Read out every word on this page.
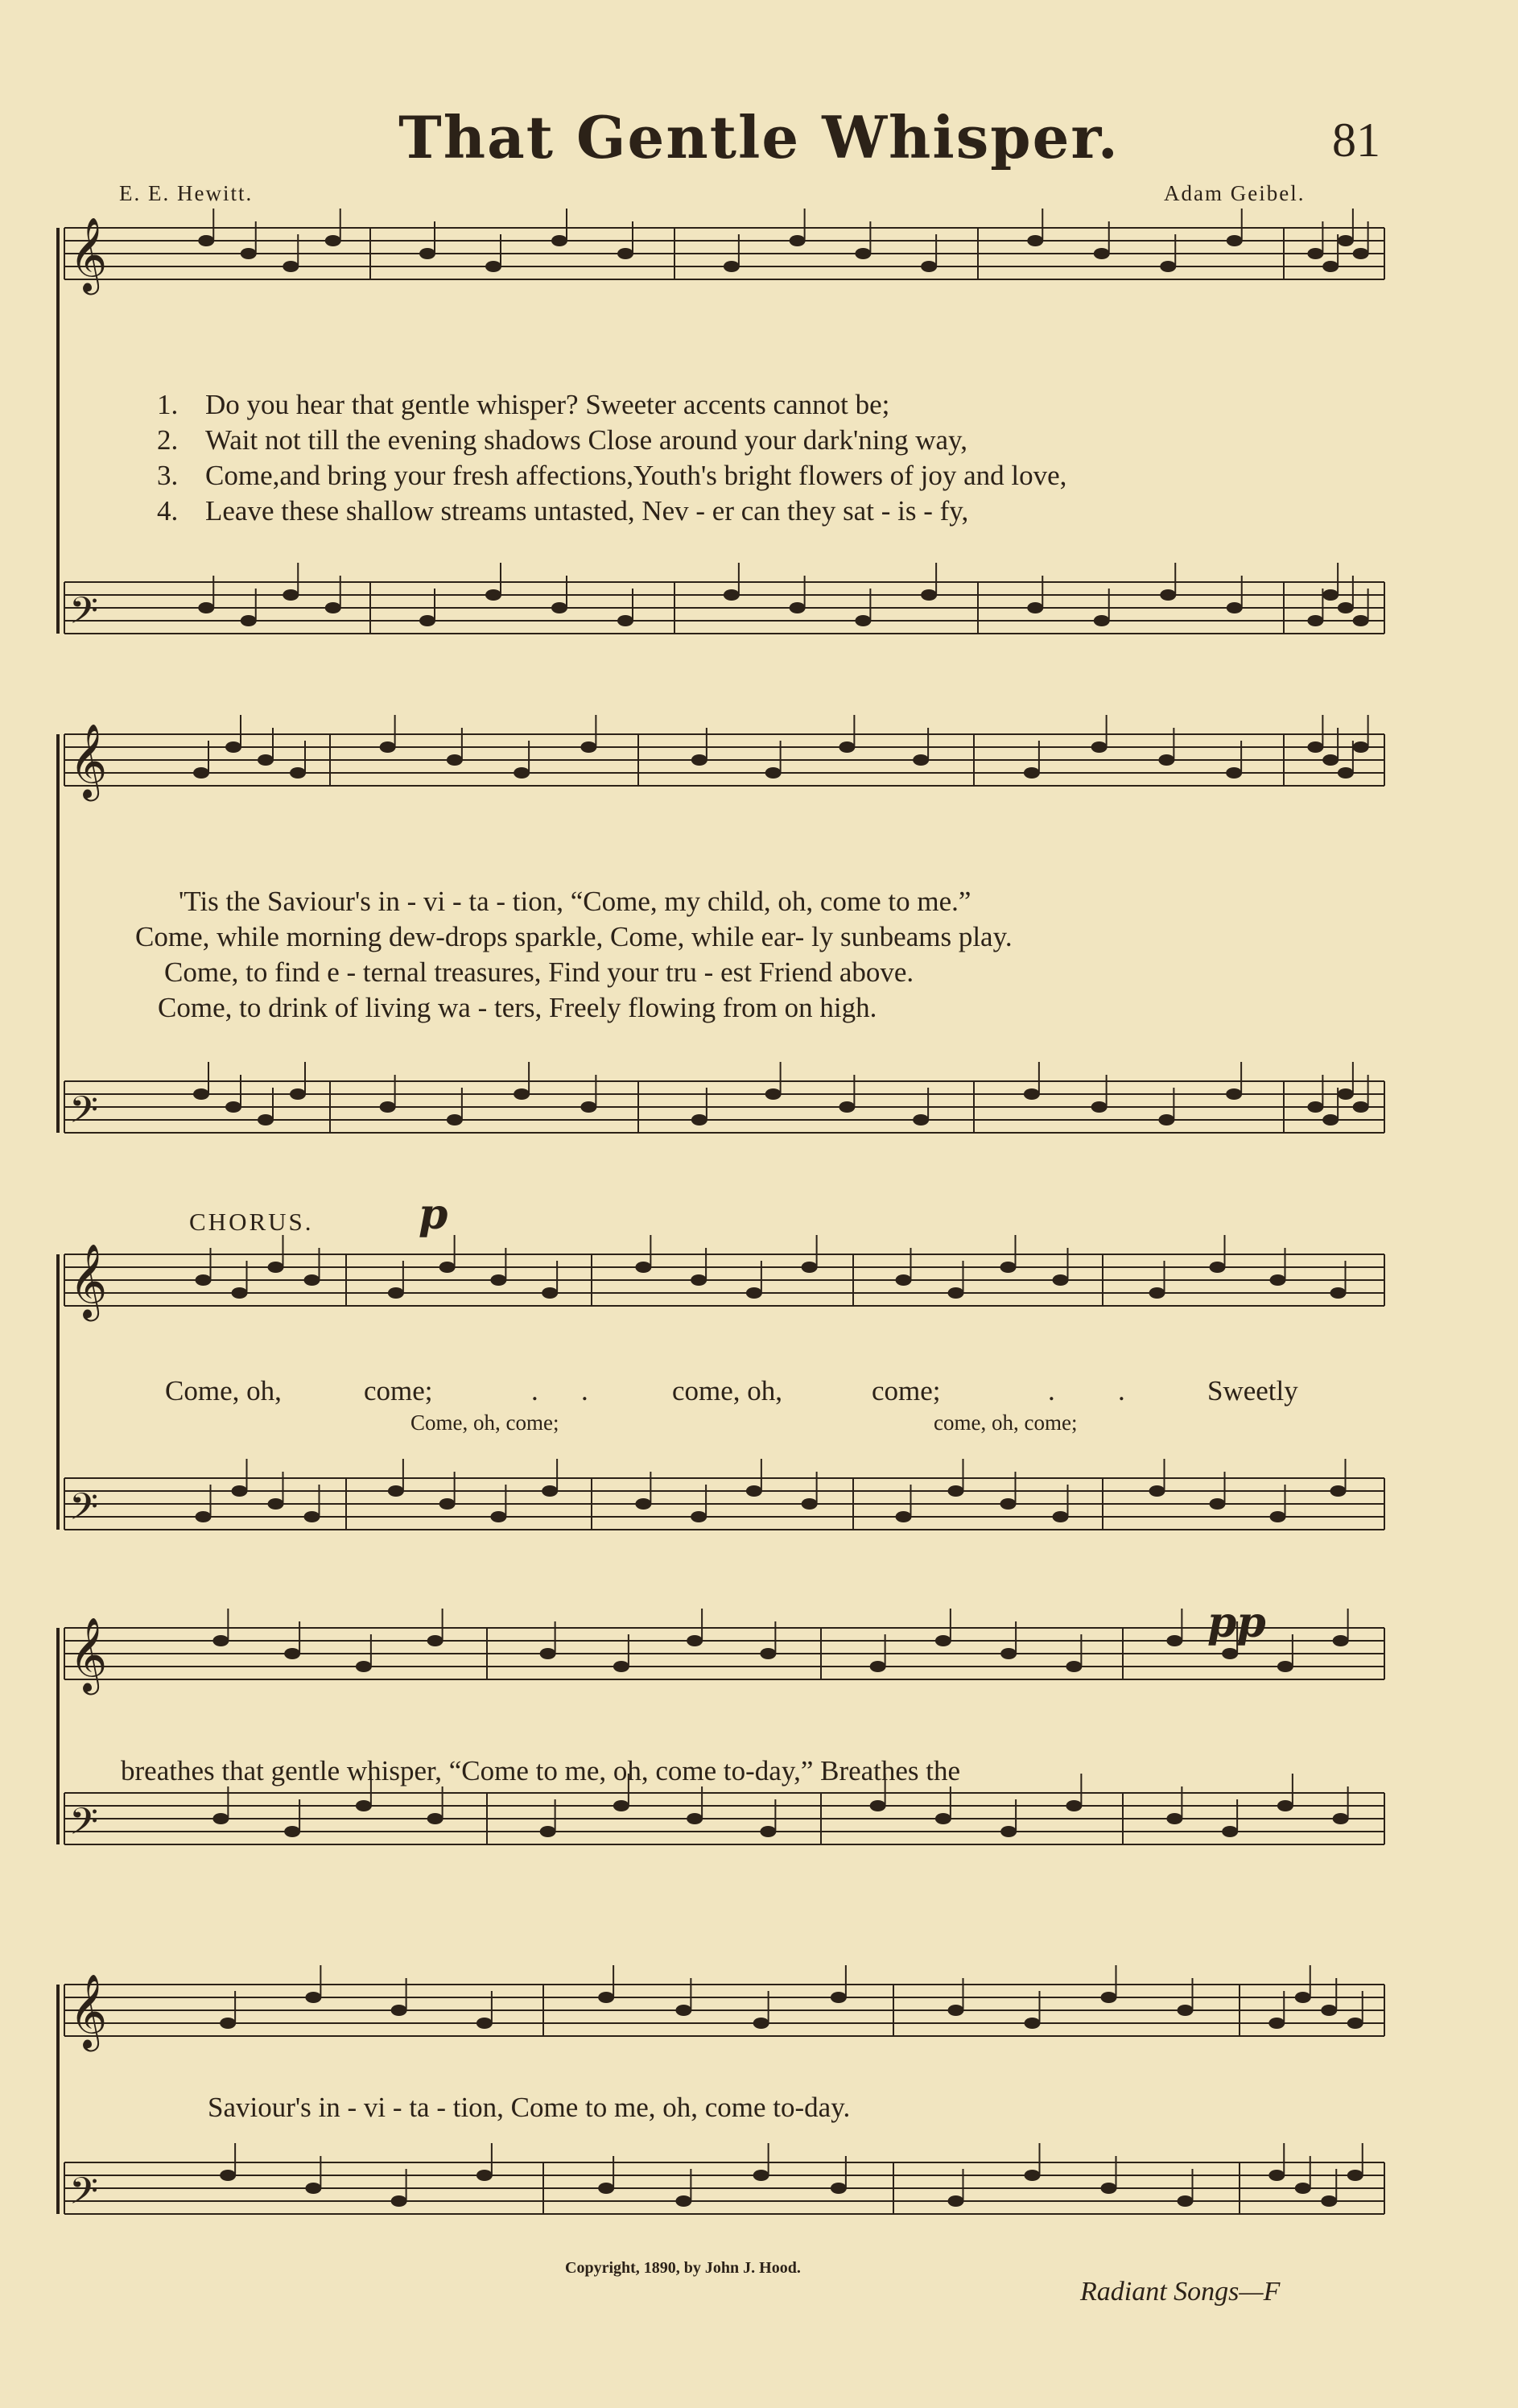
That Gentle Whisper.	81
E. E. Hewitt.	Adam Geibel.
𝄞
𝄢
𝄞
𝄢
𝄞
𝄢
𝄞
𝄢
𝄞
𝄢
1. Do you hear that gentle whisper? Sweeter accents cannot be;
2. Wait not till the evening shadows Close around your dark'ning way,
3. Come,and bring your fresh affections,Youth's bright flowers of joy and love,
4. Leave these shallow streams untasted, Nev - er can they sat - is - fy,
'Tis the Saviour's in - vi - ta - tion, “Come, my child, oh, come to me.”
Come, while morning dew-drops sparkle, Come, while ear- ly sunbeams play.
Come, to find e - ternal treasures, Find your tru - est Friend above.
Come, to drink of living wa - ters, Freely flowing from on high.
CHORUS.	p
pp
Come, oh,	come;	. .	come, oh,	come;	. .	Sweetly
Come, oh, come;	come, oh, come;
breathes that gentle whisper, “Come to me, oh, come to-day,” Breathes the
Saviour's in - vi - ta - tion, Come to me, oh, come to-day.
Copyright, 1890, by John J. Hood.
Radiant Songs—F
